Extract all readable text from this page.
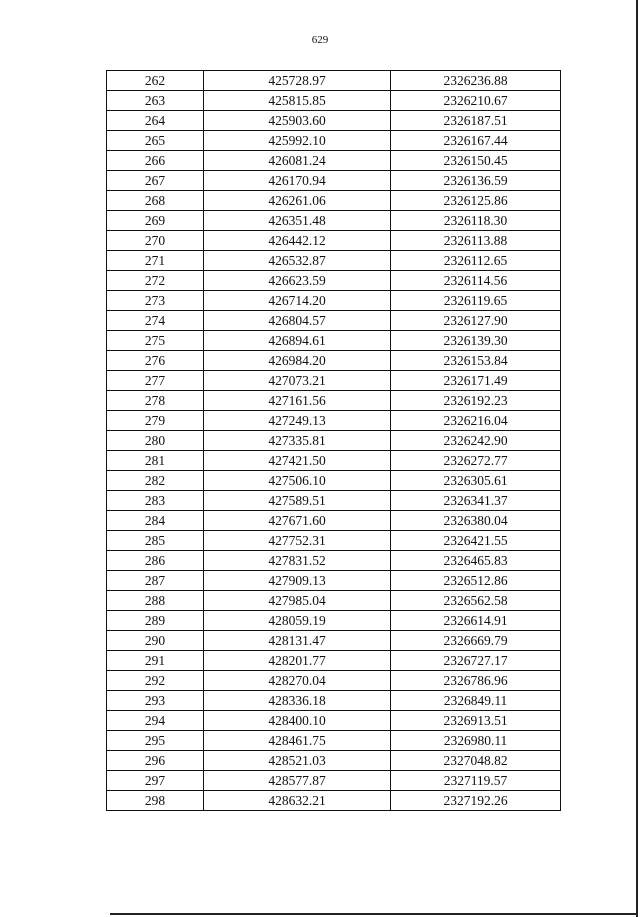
629
262	425728.97	2326236.88
263	425815.85	2326210.67
264	425903.60	2326187.51
265	425992.10	2326167.44
266	426081.24	2326150.45
267	426170.94	2326136.59
268	426261.06	2326125.86
269	426351.48	2326118.30
270	426442.12	2326113.88
271	426532.87	2326112.65
272	426623.59	2326114.56
273	426714.20	2326119.65
274	426804.57	2326127.90
275	426894.61	2326139.30
276	426984.20	2326153.84
277	427073.21	2326171.49
278	427161.56	2326192.23
279	427249.13	2326216.04
280	427335.81	2326242.90
281	427421.50	2326272.77
282	427506.10	2326305.61
283	427589.51	2326341.37
284	427671.60	2326380.04
285	427752.31	2326421.55
286	427831.52	2326465.83
287	427909.13	2326512.86
288	427985.04	2326562.58
289	428059.19	2326614.91
290	428131.47	2326669.79
291	428201.77	2326727.17
292	428270.04	2326786.96
293	428336.18	2326849.11
294	428400.10	2326913.51
295	428461.75	2326980.11
296	428521.03	2327048.82
297	428577.87	2327119.57
298	428632.21	2327192.26
